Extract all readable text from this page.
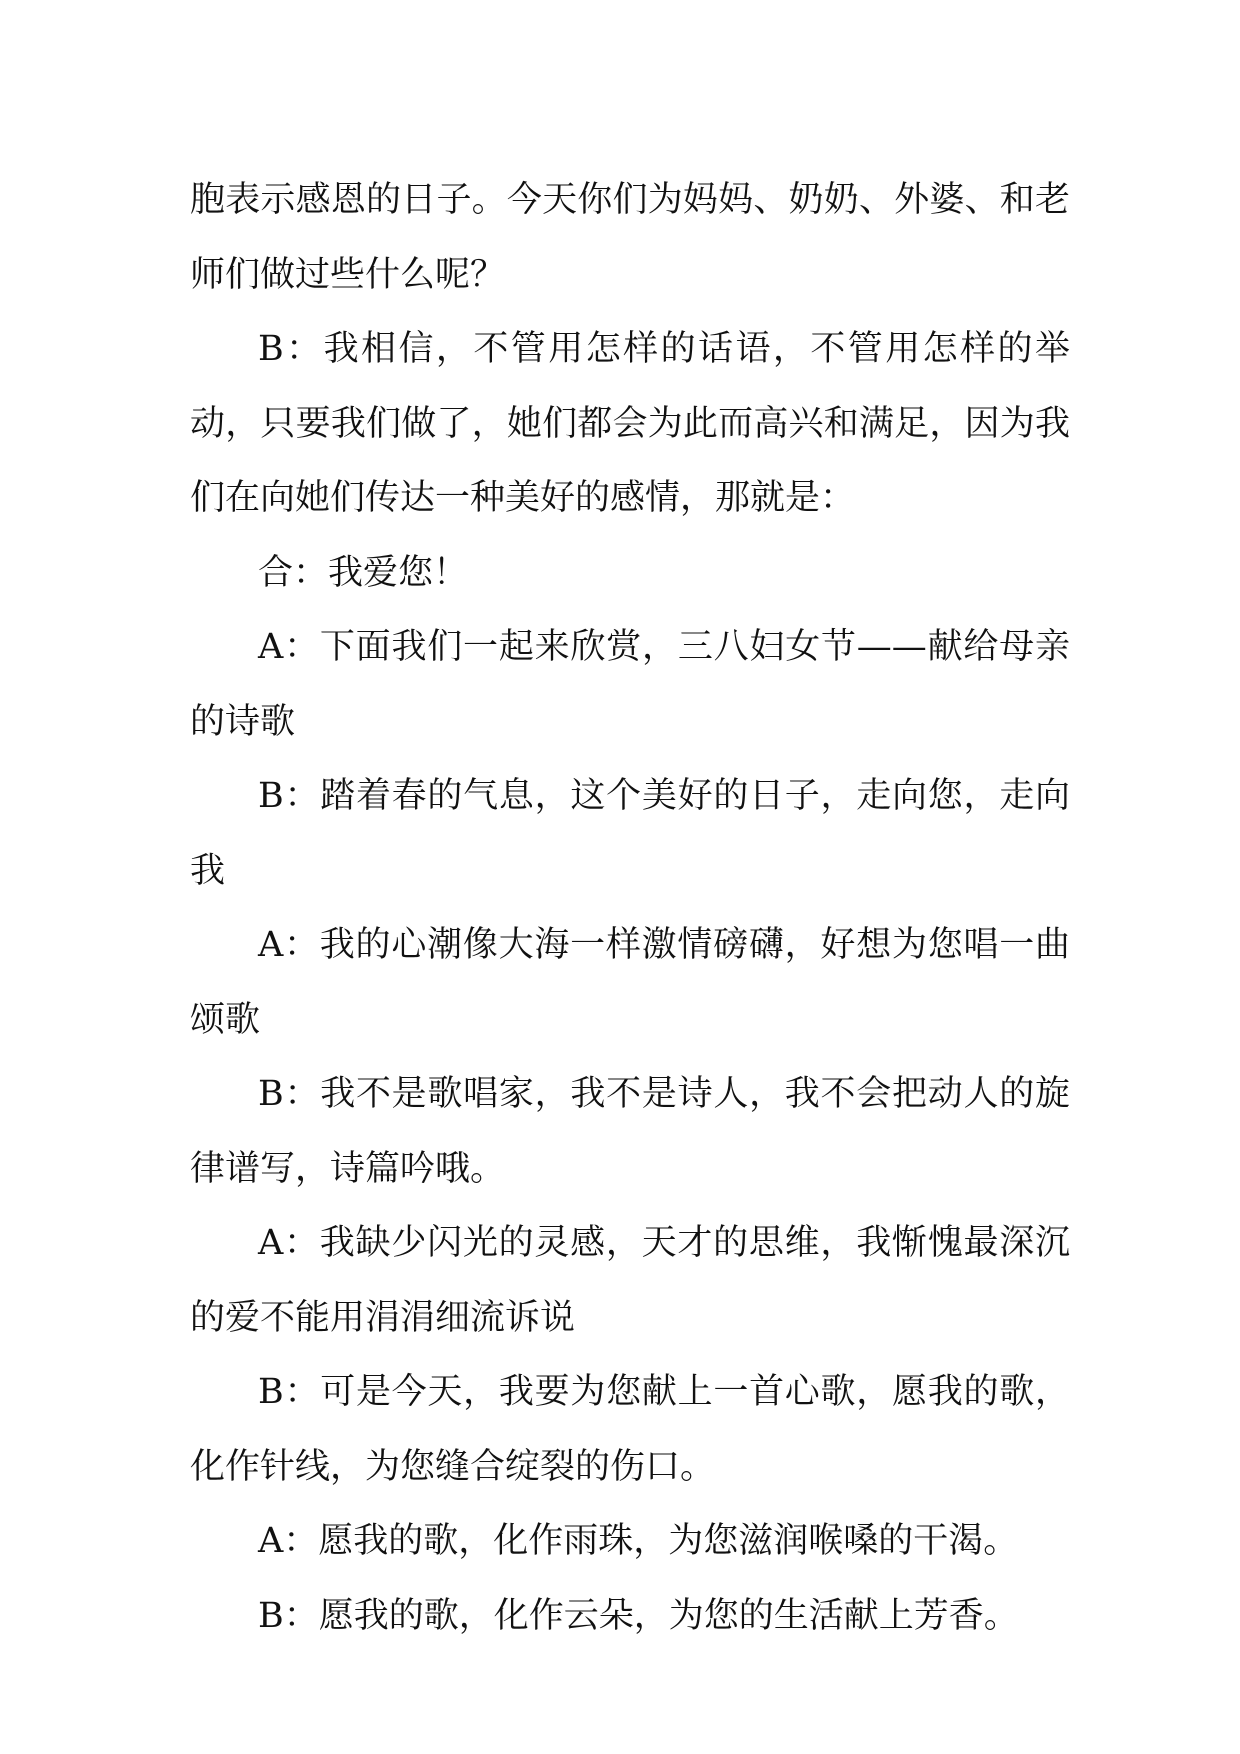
胞表示感恩的日子。今天你们为妈妈、奶奶、外婆、和老师们做过些什么呢？

B：我相信，不管用怎样的话语，不管用怎样的举动，只要我们做了，她们都会为此而高兴和满足，因为我们在向她们传达一种美好的感情，那就是：

合：我爱您！

A：下面我们一起来欣赏，三八妇女节——献给母亲的诗歌

B：踏着春的气息，这个美好的日子，走向您，走向我

A：我的心潮像大海一样激情磅礴，好想为您唱一曲颂歌

B：我不是歌唱家，我不是诗人，我不会把动人的旋律谱写，诗篇吟哦。

A：我缺少闪光的灵感，天才的思维，我惭愧最深沉的爱不能用涓涓细流诉说

B：可是今天，我要为您献上一首心歌，愿我的歌，化作针线，为您缝合绽裂的伤口。

A：愿我的歌，化作雨珠，为您滋润喉嗓的干渴。

B：愿我的歌，化作云朵，为您的生活献上芳香。
